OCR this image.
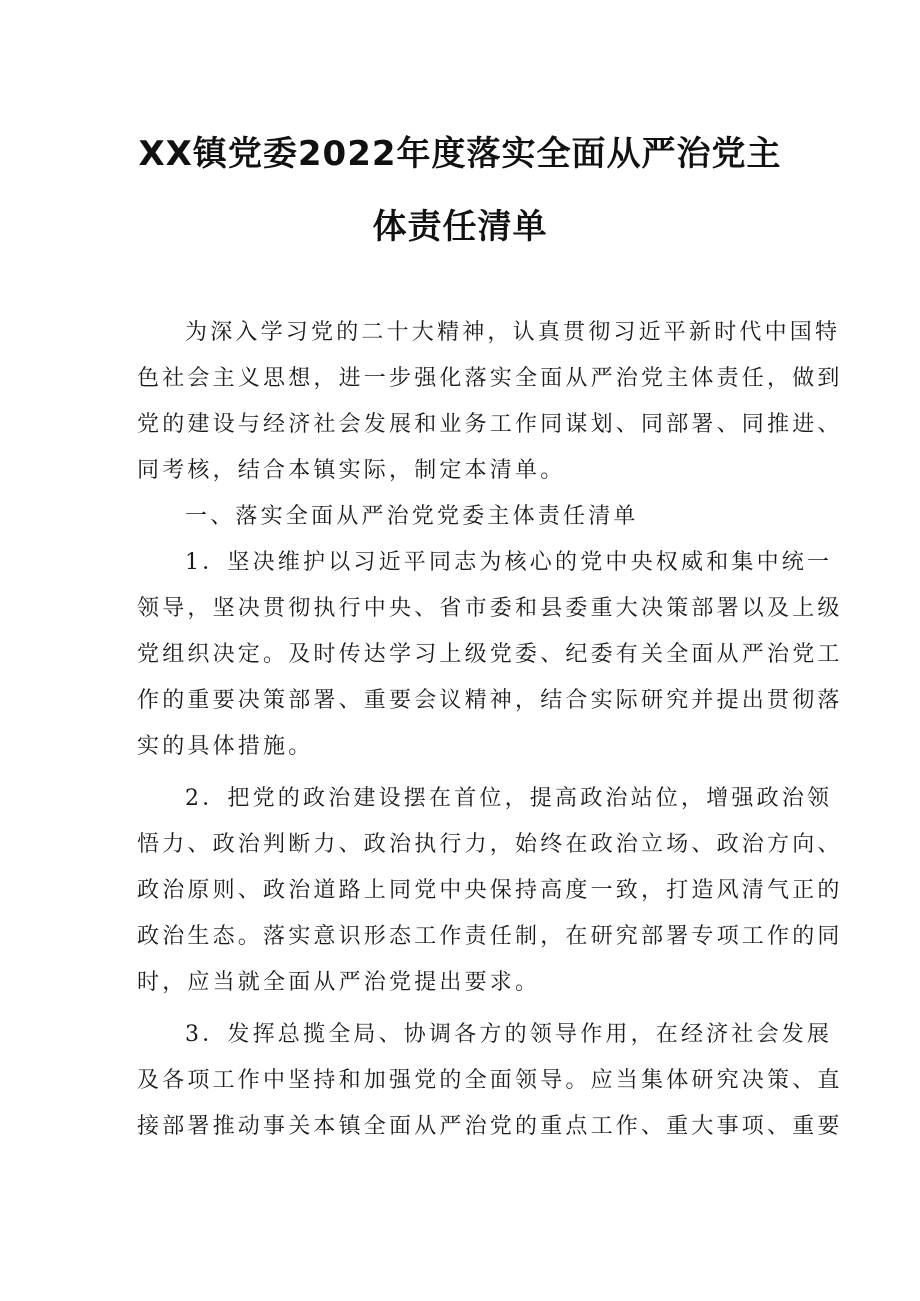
XX镇党委2022年度落实全面从严治党主
体责任清单

为深入学习党的二十大精神，认真贯彻习近平新时代中国特

色社会主义思想，进一步强化落实全面从严治党主体责任，做到

党的建设与经济社会发展和业务工作同谋划、同部署、同推进、

同考核，结合本镇实际，制定本清单。

一、落实全面从严治党党委主体责任清单

1．坚决维护以习近平同志为核心的党中央权威和集中统一

领导，坚决贯彻执行中央、省市委和县委重大决策部署以及上级

党组织决定。及时传达学习上级党委、纪委有关全面从严治党工

作的重要决策部署、重要会议精神，结合实际研究并提出贯彻落

实的具体措施。

2．把党的政治建设摆在首位，提高政治站位，增强政治领

悟力、政治判断力、政治执行力，始终在政治立场、政治方向、

政治原则、政治道路上同党中央保持高度一致，打造风清气正的

政治生态。落实意识形态工作责任制，在研究部署专项工作的同

时，应当就全面从严治党提出要求。

3．发挥总揽全局、协调各方的领导作用，在经济社会发展

及各项工作中坚持和加强党的全面领导。应当集体研究决策、直

接部署推动事关本镇全面从严治党的重点工作、重大事项、重要
